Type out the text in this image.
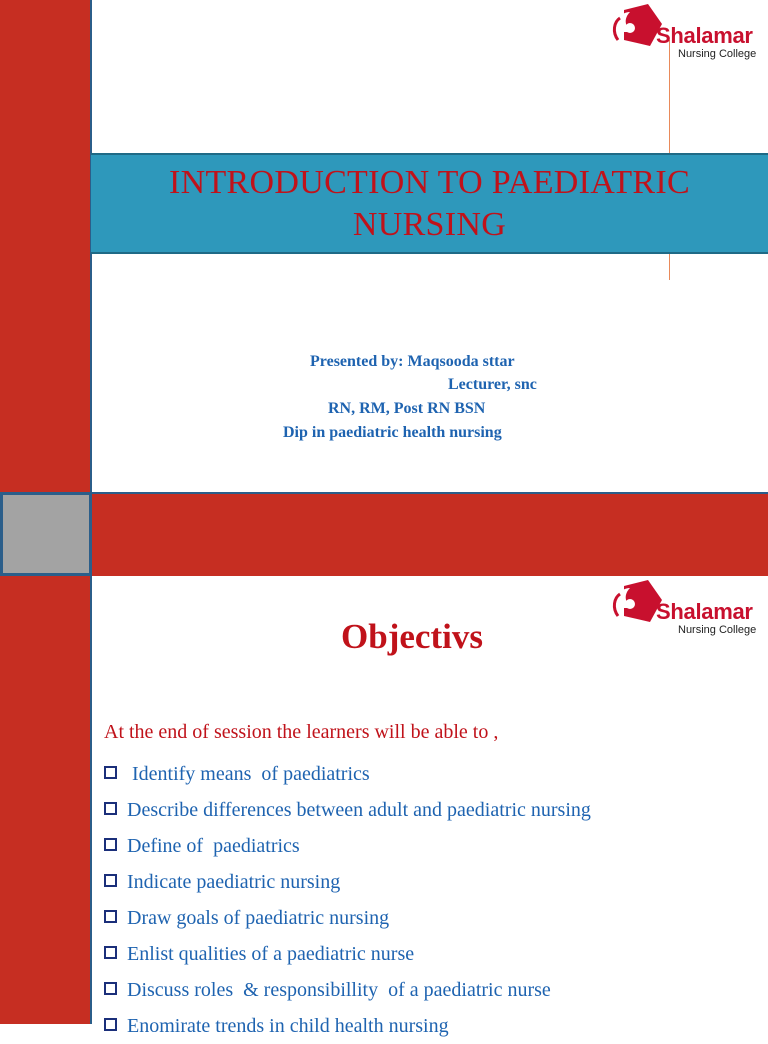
Shalamar
Nursing College
INTRODUCTION TO PAEDIATRIC
NURSING
Presented by: Maqsooda sttar
Lecturer, snc
RN, RM, Post RN BSN
Dip in paediatric health nursing
Shalamar
Nursing College
Objectivs
At the end of session the learners will be able to ,
Identify means  of paediatrics
Describe differences between adult and paediatric nursing
Define of  paediatrics
Indicate paediatric nursing
Draw goals of paediatric nursing
Enlist qualities of a paediatric nurse
Discuss roles  & responsibillity  of a paediatric nurse
Enomirate trends in child health nursing
